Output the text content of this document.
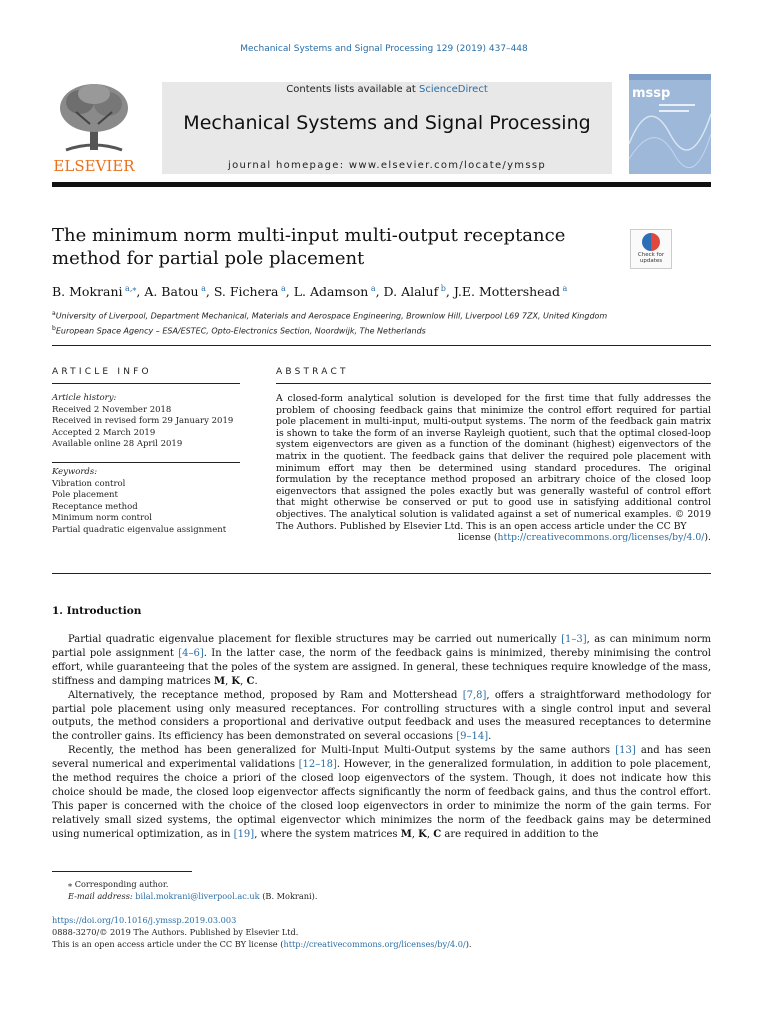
Mechanical Systems and Signal Processing 129 (2019) 437–448
ELSEVIER
Contents lists available at ScienceDirect
Mechanical Systems and Signal Processing
journal homepage: www.elsevier.com/locate/ymssp
mssp
The minimum norm multi-input multi-output receptance method for partial pole placement	Check for
updates
B. Mokrani $^{a,⁎}$, A. Batou $^a$, S. Fichera $^a$, L. Adamson $^a$, D. Alaluf $^b$, J.E. Mottershead $^a$
$^a$University of Liverpool, Department Mechanical, Materials and Aerospace Engineering, Brownlow Hill, Liverpool L69 7ZX, United Kingdom
$^b$European Space Agency – ESA/ESTEC, Opto-Electronics Section, Noordwijk, The Netherlands
ARTICLE INFO	ABSTRACT
Article history:
Received 2 November 2018
Received in revised form 29 January 2019
Accepted 2 March 2019
Available online 28 April 2019
Keywords:
Vibration control
Pole placement
Receptance method
Minimum norm control
Partial quadratic eigenvalue assignment
A closed-form analytical solution is developed for the first time that fully addresses the problem of choosing feedback gains that minimize the control effort required for partial pole placement in multi-input, multi-output systems. The norm of the feedback gain matrix is shown to take the form of an inverse Rayleigh quotient, such that the optimal closed-loop system eigenvectors are given as a function of the dominant (highest) eigenvectors of the matrix in the quotient. The feedback gains that deliver the required pole placement with minimum effort may then be determined using standard procedures. The original formulation by the receptance method proposed an arbitrary choice of the closed loop eigenvectors that assigned the poles exactly but was generally wasteful of control effort that might otherwise be conserved or put to good use in satisfying additional control objectives. The analytical solution is validated against a set of numerical examples. © 2019 The Authors. Published by Elsevier Ltd. This is an open access article under the CC BY
license (http://creativecommons.org/licenses/by/4.0/).
1. Introduction

Partial quadratic eigenvalue placement for flexible structures may be carried out numerically [1–3], as can minimum norm partial pole assignment [4–6]. In the latter case, the norm of the feedback gains is minimized, thereby minimising the control effort, while guaranteeing that the poles of the system are assigned. In general, these techniques require knowledge of the mass, stiffness and damping matrices M, K, C.

Alternatively, the receptance method, proposed by Ram and Mottershead [7,8], offers a straightforward methodology for partial pole placement using only measured receptances. For controlling structures with a single control input and several outputs, the method considers a proportional and derivative output feedback and uses the measured receptances to determine the controller gains. Its efficiency has been demonstrated on several occasions [9–14].

Recently, the method has been generalized for Multi-Input Multi-Output systems by the same authors [13] and has seen several numerical and experimental validations [12–18]. However, in the generalized formulation, in addition to pole placement, the method requires the choice a priori of the closed loop eigenvectors of the system. Though, it does not indicate how this choice should be made, the closed loop eigenvector affects significantly the norm of feedback gains, and thus the control effort. This paper is concerned with the choice of the closed loop eigenvectors in order to minimize the norm of the gain terms. For relatively small sized systems, the optimal eigenvector which minimizes the norm of the feedback gains may be determined using numerical optimization, as in [19], where the system matrices M, K, C are required in addition to the

⁎ Corresponding author.
E-mail address: bilal.mokrani@liverpool.ac.uk (B. Mokrani).
https://doi.org/10.1016/j.ymssp.2019.03.003
0888-3270/© 2019 The Authors. Published by Elsevier Ltd.
This is an open access article under the CC BY license (http://creativecommons.org/licenses/by/4.0/).
